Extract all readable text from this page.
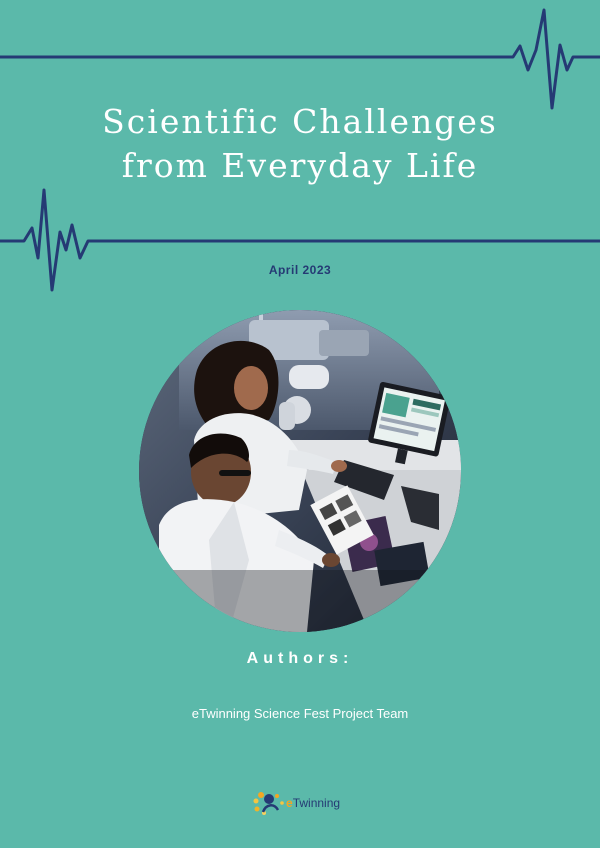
Scientific Challenges
from Everyday Life
April 2023
Authors:
eTwinning Science Fest Project Team
eTwinning
